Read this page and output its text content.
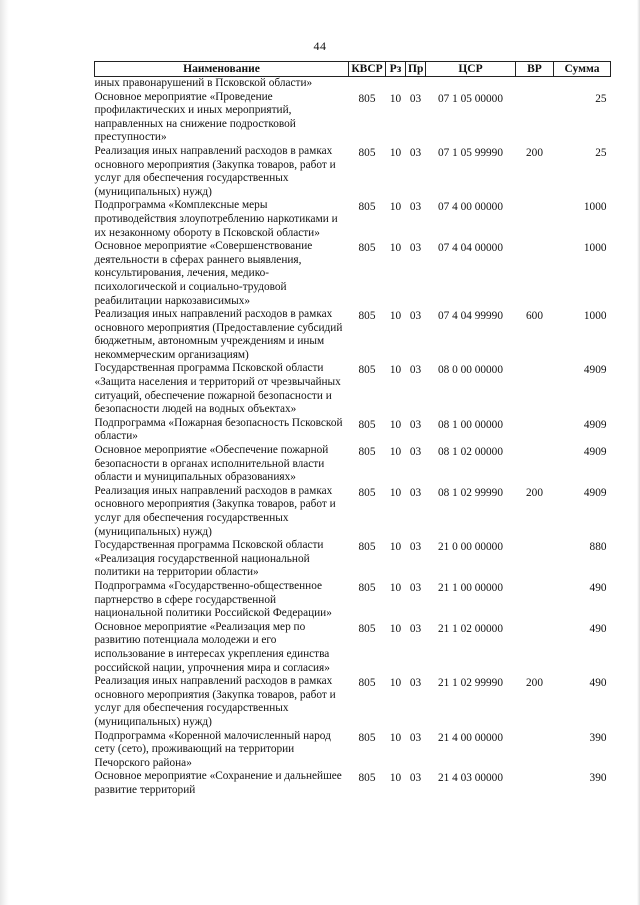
44
Наименование	КВСР	Рз	Пр	ЦСР	ВР	Сумма
иных правонарушений в Псковской области»						
Основное мероприятие «Проведение профилактических и иных мероприятий, направленных на снижение подростковой преступности»	805	10	03	07 1 05 00000		25
Реализация иных направлений расходов в рамках основного мероприятия (Закупка товаров, работ и услуг для обеспечения государственных (муниципальных) нужд)	805	10	03	07 1 05 99990	200	25
Подпрограмма «Комплексные меры противодействия злоупотреблению наркотиками и их незаконному обороту в Псковской области»	805	10	03	07 4 00 00000		1000
Основное мероприятие «Совершенствование деятельности в сферах раннего выявления, консультирования, лечения, медико-психологической и социально-трудовой реабилитации наркозависимых»	805	10	03	07 4 04 00000		1000
Реализация иных направлений расходов в рамках основного мероприятия (Предоставление субсидий бюджетным, автономным учреждениям и иным некоммерческим организациям)	805	10	03	07 4 04 99990	600	1000
Государственная программа Псковской области «Защита населения и территорий от чрезвычайных ситуаций, обеспечение пожарной безопасности и безопасности людей на водных объектах»	805	10	03	08 0 00 00000		4909
Подпрограмма «Пожарная безопасность Псковской области»	805	10	03	08 1 00 00000		4909
Основное мероприятие «Обеспечение пожарной безопасности в органах исполнительной власти области и муниципальных образованиях»	805	10	03	08 1 02 00000		4909
Реализация иных направлений расходов в рамках основного мероприятия (Закупка товаров, работ и услуг для обеспечения государственных (муниципальных) нужд)	805	10	03	08 1 02 99990	200	4909
Государственная программа Псковской области «Реализация государственной национальной политики на территории области»	805	10	03	21 0 00 00000		880
Подпрограмма «Государственно-общественное партнерство в сфере государственной национальной политики Российской Федерации»	805	10	03	21 1 00 00000		490
Основное мероприятие «Реализация мер по развитию потенциала молодежи и его использование в интересах укрепления единства российской нации, упрочнения мира и согласия»	805	10	03	21 1 02 00000		490
Реализация иных направлений расходов в рамках основного мероприятия (Закупка товаров, работ и услуг для обеспечения государственных (муниципальных) нужд)	805	10	03	21 1 02 99990	200	490
Подпрограмма «Коренной малочисленный народ сету (сето), проживающий на территории Печорского района»	805	10	03	21 4 00 00000		390
Основное мероприятие «Сохранение и дальнейшее развитие территорий	805	10	03	21 4 03 00000		390
